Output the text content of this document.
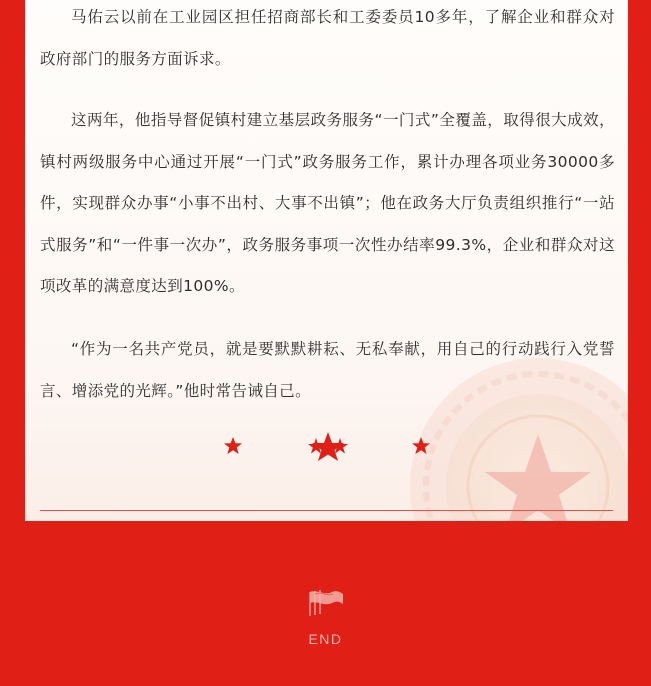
马佑云以前在工业园区担任招商部长和工委委员10多年，了解企业和群众对政府部门的服务方面诉求。

这两年，他指导督促镇村建立基层政务服务“一门式”全覆盖，取得很大成效，镇村两级服务中心通过开展“一门式”政务服务工作，累计办理各项业务30000多件，实现群众办事“小事不出村、大事不出镇”；他在政务大厅负责组织推行“一站式服务”和“一件事一次办”，政务服务事项一次性办结率99.3%，企业和群众对这项改革的满意度达到100%。

“作为一名共产党员，就是要默默耕耘、无私奉献，用自己的行动践行入党誓言、增添党的光辉。”他时常告诫自己。

END
